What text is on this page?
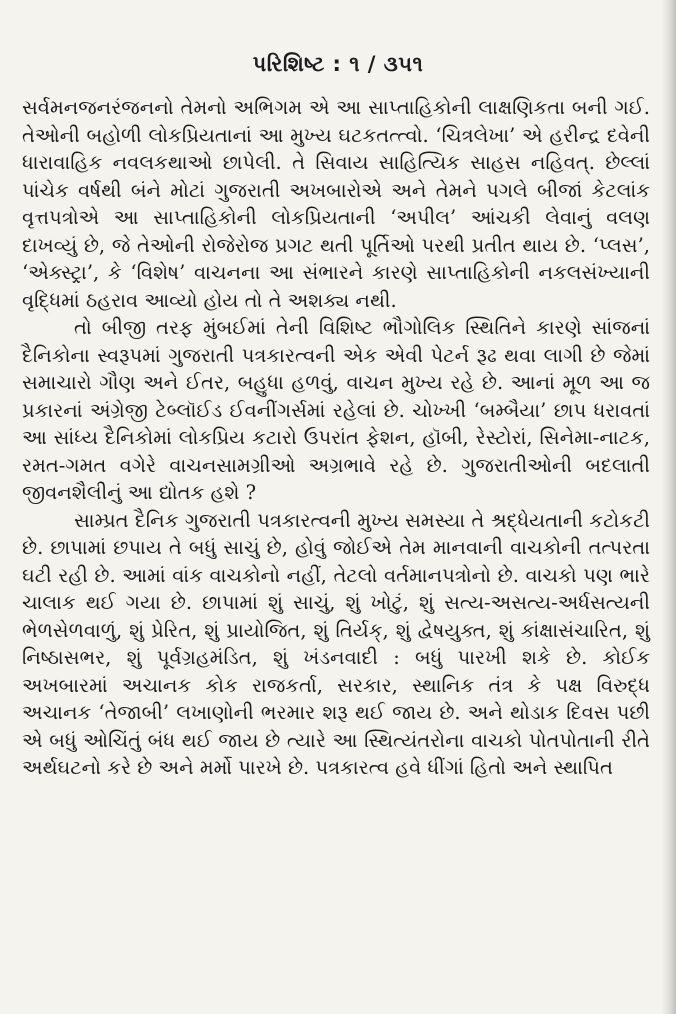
પરિશિષ્ટ : ૧ / ૩૫૧

સર્વમનજનરંજનનો તેમનો અભિગમ એ આ સાપ્તાહિકોની લાક્ષણિકતા બની ગઈ. તેઓની બહોળી લોકપ્રિયતાનાં આ મુખ્ય ઘટકતત્ત્વો. ‘ચિત્રલેખા’ એ હરીન્દ્ર દવેની ધારાવાહિક નવલકથાઓ છાપેલી. તે સિવાય સાહિત્યિક સાહસ નહિવત્. છેલ્લાં પાંચેક વર્ષથી બંને મોટાં ગુજરાતી અખબારોએ અને તેમને પગલે બીજાં કેટલાંક વૃત્તપત્રોએ આ સાપ્તાહિકોની લોકપ્રિયતાની ‘અપીલ’ આંચકી લેવાનું વલણ દાખવ્યું છે, જે તેઓની રોજેરોજ પ્રગટ થતી પૂર્તિઓ પરથી પ્રતીત થાય છે. ‘પ્લસ’, ‘એક્સ્ટ્રા’, કે ‘વિશેષ’ વાચનના આ સંભારને કારણે સાપ્તાહિકોની નકલસંખ્યાની વૃદ્ધિમાં ઠહરાવ આવ્યો હોય તો તે અશક્ય નથી.

તો બીજી તરફ મુંબઈમાં તેની વિશિષ્ટ ભૌગોલિક સ્થિતિને કારણે સાંજનાં દૈનિકોના સ્વરૂપમાં ગુજરાતી પત્રકારત્વની એક એવી પેટર્ન રૂઢ થવા લાગી છે જેમાં સમાચારો ગૌણ અને ઈતર, બહુધા હળવું, વાચન મુખ્ય રહે છે. આનાં મૂળ આ જ પ્રકારનાં અંગ્રેજી ટેબ્લૉઈડ ઈવનીંગર્સમાં રહેલાં છે. ચોખ્ખી ‘બમ્બૈયા’ છાપ ધરાવતાં આ સાંધ્ય દૈનિકોમાં લોકપ્રિય કટારો ઉપરાંત ફેશન, હૉબી, રેસ્ટોરાં, સિનેમા-નાટક, રમત-ગમત વગેરે વાચનસામગ્રીઓ અગ્રભાવે રહે છે. ગુજરાતીઓની બદલાતી જીવનશૈલીનું આ દ્યોતક હશે ?

સામ્પ્રત દૈનિક ગુજરાતી પત્રકારત્વની મુખ્ય સમસ્યા તે શ્રદ્ધેયતાની કટોકટી છે. છાપામાં છપાય તે બધું સાચું છે, હોવું જોઈએ તેમ માનવાની વાચકોની તત્પરતા ઘટી રહી છે. આમાં વાંક વાચકોનો નહીં, તેટલો વર્તમાનપત્રોનો છે. વાચકો પણ ભારે ચાલાક થઈ ગયા છે. છાપામાં શું સાચું, શું ખોટું, શું સત્ય-અસત્ય-અર્ધસત્યની ભેળસેળવાળું, શું પ્રેરિત, શું પ્રાયોજિત, શું તિર્યક્, શું દ્વેષયુક્ત, શું કાંક્ષાસંચારિત, શું નિષ્ઠાસભર, શું પૂર્વગ્રહમંડિત, શું ખંડનવાદી : બધું પારખી શકે છે. કોઈક અખબારમાં અચાનક કોક રાજકર્તા, સરકાર, સ્થાનિક તંત્ર કે પક્ષ વિરુદ્ધ અચાનક ‘તેજાબી’ લખાણોની ભરમાર શરૂ થઈ જાય છે. અને થોડાક દિવસ પછી એ બધું ઓચિંતું બંધ થઈ જાય છે ત્યારે આ સ્થિત્યંતરોના વાચકો પોતપોતાની રીતે અર્થઘટનો કરે છે અને મર્મો પારખે છે. પત્રકારત્વ હવે ધીંગાં હિતો અને સ્થાપિત
